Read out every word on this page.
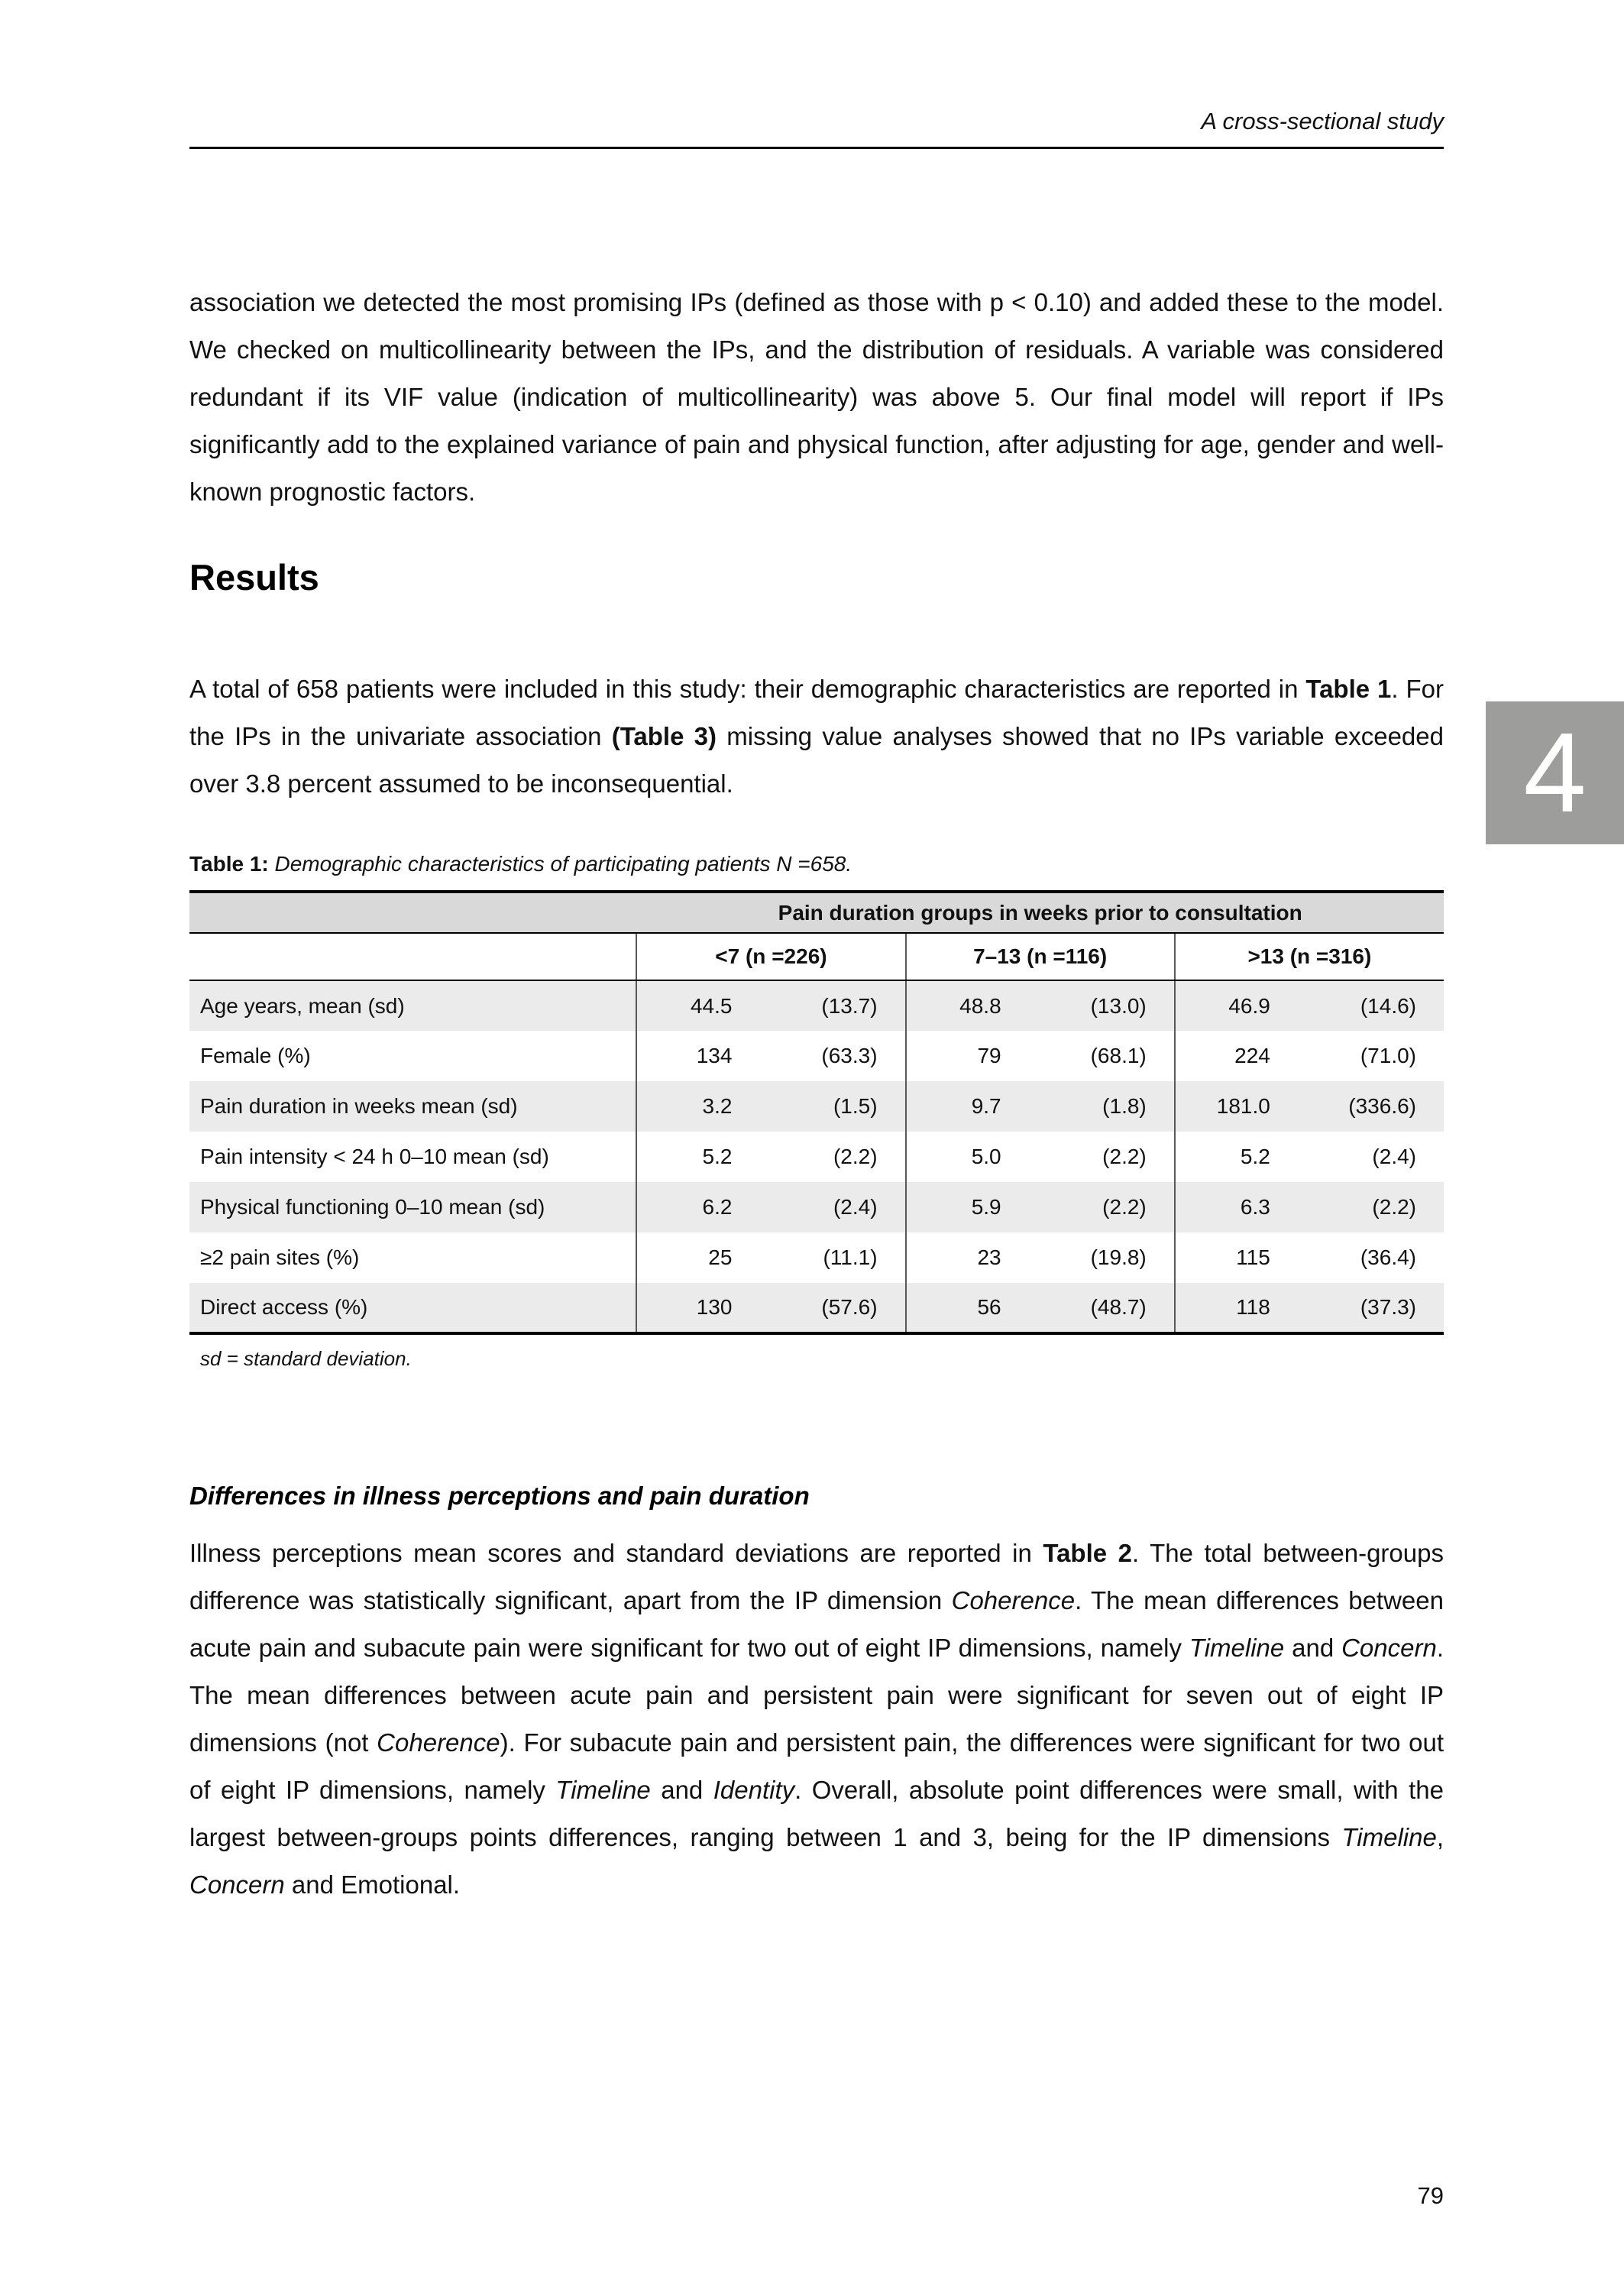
A cross-sectional study
4

association we detected the most promising IPs (defined as those with p < 0.10) and added these to the model. We checked on multicollinearity between the IPs, and the distribution of residuals. A variable was considered redundant if its VIF value (indication of multicollinearity) was above 5. Our final model will report if IPs significantly add to the explained variance of pain and physical function, after adjusting for age, gender and well-known prognostic factors.

Results

A total of 658 patients were included in this study: their demographic characteristics are reported in Table 1. For the IPs in the univariate association (Table 3) missing value analyses showed that no IPs variable exceeded over 3.8 percent assumed to be inconsequential.

Table 1: Demographic characteristics of participating patients N =658.

	Pain duration groups in weeks prior to consultation					
	<7 (n =226)		7–13 (n =116)		>13 (n =316)	
Age years, mean (sd)	44.5	(13.7)	48.8	(13.0)	46.9	(14.6)
Female (%)	134	(63.3)	79	(68.1)	224	(71.0)
Pain duration in weeks mean (sd)	3.2	(1.5)	9.7	(1.8)	181.0	(336.6)
Pain intensity < 24 h 0–10 mean (sd)	5.2	(2.2)	5.0	(2.2)	5.2	(2.4)
Physical functioning 0–10 mean (sd)	6.2	(2.4)	5.9	(2.2)	6.3	(2.2)
≥2 pain sites (%)	25	(11.1)	23	(19.8)	115	(36.4)
Direct access (%)	130	(57.6)	56	(48.7)	118	(37.3)

sd = standard deviation.

Differences in illness perceptions and pain duration

Illness perceptions mean scores and standard deviations are reported in Table 2. The total between-groups difference was statistically significant, apart from the IP dimension Coherence. The mean differences between acute pain and subacute pain were significant for two out of eight IP dimensions, namely Timeline and Concern. The mean differences between acute pain and persistent pain were significant for seven out of eight IP dimensions (not Coherence). For subacute pain and persistent pain, the differences were significant for two out of eight IP dimensions, namely Timeline and Identity. Overall, absolute point differences were small, with the largest between-groups points differences, ranging between 1 and 3, being for the IP dimensions Timeline, Concern and Emotional.

79
